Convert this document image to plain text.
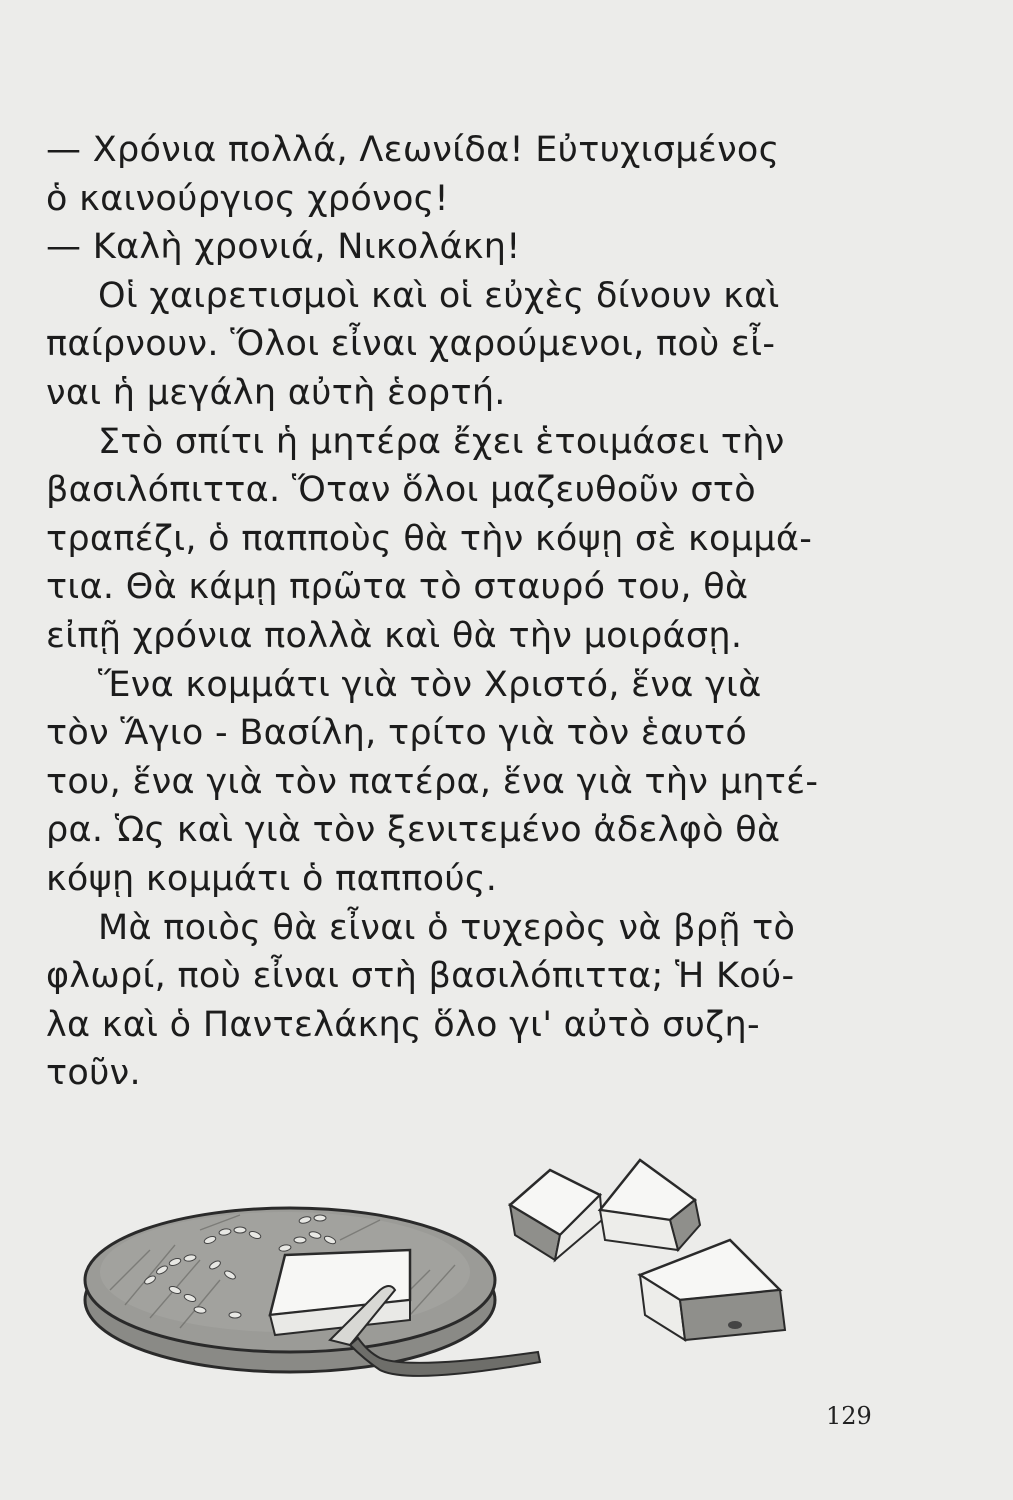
— Χρόνια πολλά, Λεωνίδα! Εὐτυχισμένος
ὁ καινούργιος χρόνος!
— Καλὴ χρονιά, Νικολάκη!
Οἱ χαιρετισμοὶ καὶ οἱ εὐχὲς δίνουν καὶ
παίρνουν. Ὅλοι εἶναι χαρούμενοι, ποὺ εἶ-
ναι ἡ μεγάλη αὐτὴ ἑορτή.
Στὸ σπίτι ἡ μητέρα ἔχει ἑτοιμάσει τὴν
βασιλόπιττα. Ὅταν ὅλοι μαζευθοῦν στὸ
τραπέζι, ὁ παπποὺς θὰ τὴν κόψῃ σὲ κομμά-
τια. Θὰ κάμῃ πρῶτα τὸ σταυρό του, θὰ
εἰπῇ χρόνια πολλὰ καὶ θὰ τὴν μοιράσῃ.
Ἕνα κομμάτι γιὰ τὸν Χριστό, ἕνα γιὰ
τὸν Ἅγιο - Βασίλη, τρίτο γιὰ τὸν ἑαυτό
του, ἕνα γιὰ τὸν πατέρα, ἕνα γιὰ τὴν μητέ-
ρα. Ὡς καὶ γιὰ τὸν ξενιτεμένο ἀδελφὸ θὰ
κόψῃ κομμάτι ὁ παππούς.
Μὰ ποιὸς θὰ εἶναι ὁ τυχερὸς νὰ βρῇ τὸ
φλωρί, ποὺ εἶναι στὴ βασιλόπιττα; Ἡ Κού-
λα καὶ ὁ Παντελάκης ὅλο γι' αὐτὸ συζη-
τοῦν.
129
